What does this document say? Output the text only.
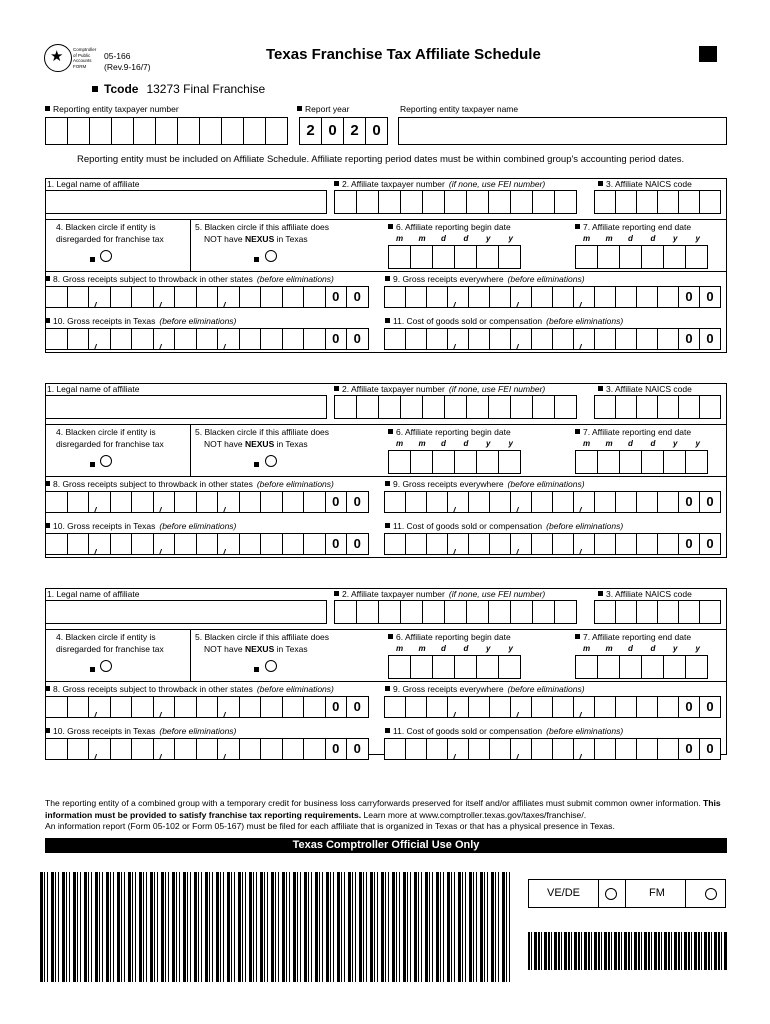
★ Comptroller of Public Accounts FORM
05-166
(Rev.9-16/7)
Texas Franchise Tax Affiliate Schedule
Tcode 13273 Final Franchise
Reporting entity taxpayer number	Report year	Reporting entity taxpayer name
2 0 2 0
Reporting entity must be included on Affiliate Schedule. Affiliate reporting period dates must be within combined group's accounting period dates.
1. Legal name of affiliate	2. Affiliate taxpayer number (if none, use FEI number)	3. Affiliate NAICS code
4. Blacken circle if entity is
disregarded for franchise tax
5. Blacken circle if this affiliate does
NOT have NEXUS in Texas
6. Affiliate reporting begin date	7. Affiliate reporting end date
m	m	d	d	y	y	m	m	d	d	y	y
8. Gross receipts subject to throwback in other states (before eliminations)	9. Gross receipts everywhere (before eliminations)
0	0	0	0
10. Gross receipts in Texas (before eliminations)	11. Cost of goods sold or compensation (before eliminations)
0	0	0	0
1. Legal name of affiliate	2. Affiliate taxpayer number (if none, use FEI number)	3. Affiliate NAICS code
4. Blacken circle if entity is
disregarded for franchise tax
5. Blacken circle if this affiliate does
NOT have NEXUS in Texas
6. Affiliate reporting begin date	7. Affiliate reporting end date
m	m	d	d	y	y	m	m	d	d	y	y
8. Gross receipts subject to throwback in other states (before eliminations)	9. Gross receipts everywhere (before eliminations)
0	0	0	0
10. Gross receipts in Texas (before eliminations)	11. Cost of goods sold or compensation (before eliminations)
0	0	0	0
1. Legal name of affiliate	2. Affiliate taxpayer number (if none, use FEI number)	3. Affiliate NAICS code
4. Blacken circle if entity is
disregarded for franchise tax
5. Blacken circle if this affiliate does
NOT have NEXUS in Texas
6. Affiliate reporting begin date	7. Affiliate reporting end date
m	m	d	d	y	y	m	m	d	d	y	y
8. Gross receipts subject to throwback in other states (before eliminations)	9. Gross receipts everywhere (before eliminations)
0	0	0	0
10. Gross receipts in Texas (before eliminations)	11. Cost of goods sold or compensation (before eliminations)
0	0	0	0
The reporting entity of a combined group with a temporary credit for business loss carryforwards preserved for itself and/or affiliates must submit common owner information. This information must be provided to satisfy franchise tax reporting requirements. Learn more at www.comptroller.texas.gov/taxes/franchise/.
An information report (Form 05-102 or Form 05-167) must be filed for each affiliate that is organized in Texas or that has a physical presence in Texas.
Texas Comptroller Official Use Only
VE/DE	FM
